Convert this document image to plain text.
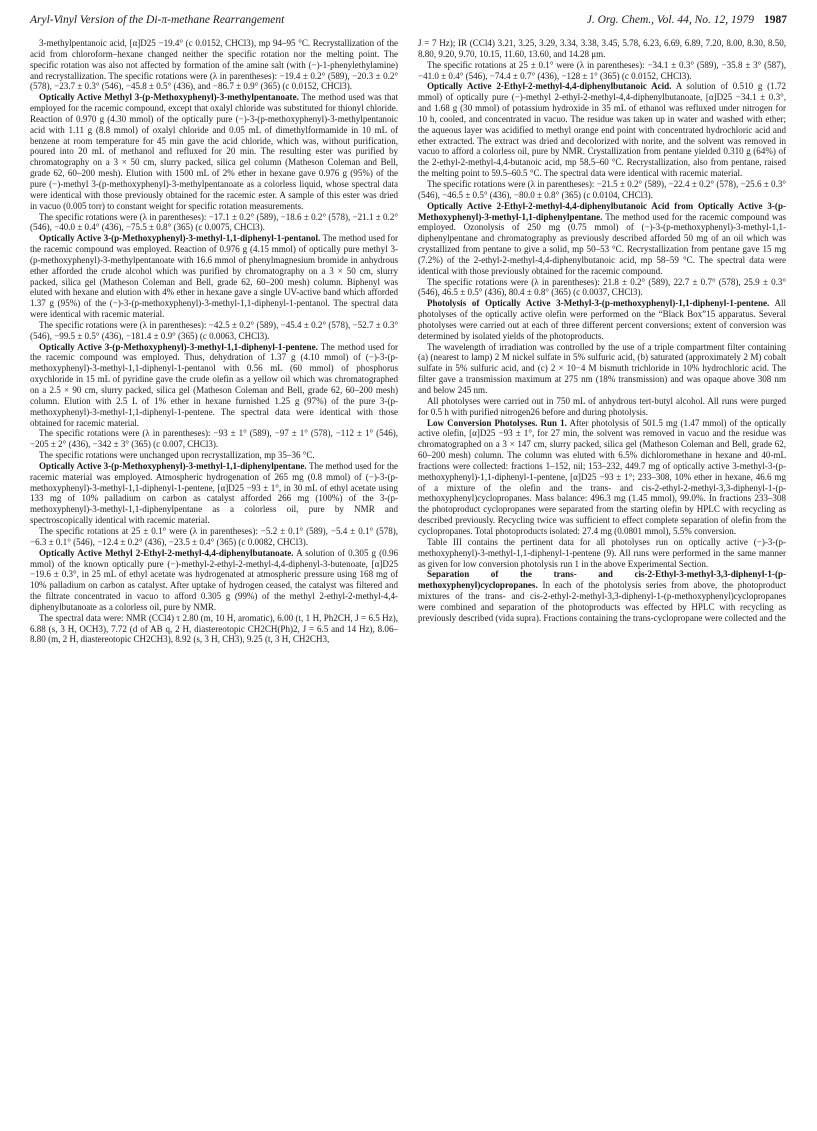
Aryl-Vinyl Version of the Di-π-methane Rearrangement	J. Org. Chem., Vol. 44, No. 12, 1979 1987

3-methylpentanoic acid, [α]D25 −19.4° (c 0.0152, CHCl3), mp 94–95 °C. Recrystallization of the acid from chloroform–hexane changed neither the specific rotation nor the melting point. The specific rotation was also not affected by formation of the amine salt (with (−)-1-phenylethylamine) and recrystallization. The specific rotations were (λ in parentheses): −19.4 ± 0.2° (589), −20.3 ± 0.2° (578), −23.7 ± 0.3° (546), −45.8 ± 0.5° (436), and −86.7 ± 0.9° (365) (c 0.0152, CHCl3).

Optically Active Methyl 3-(p-Methoxyphenyl)-3-methylpentanoate. The method used was that employed for the racemic compound, except that oxalyl chloride was substituted for thionyl chloride. Reaction of 0.970 g (4.30 mmol) of the optically pure (−)-3-(p-methoxyphenyl)-3-methylpentanoic acid with 1.11 g (8.8 mmol) of oxalyl chloride and 0.05 mL of dimethylformamide in 10 mL of benzene at room temperature for 45 min gave the acid chloride, which was, without purification, poured into 20 mL of methanol and refluxed for 20 min. The resulting ester was purified by chromatography on a 3 × 50 cm, slurry packed, silica gel column (Matheson Coleman and Bell, grade 62, 60–200 mesh). Elution with 1500 mL of 2% ether in hexane gave 0.976 g (95%) of the pure (−)-methyl 3-(p-methoxyphenyl)-3-methylpentanoate as a colorless liquid, whose spectral data were identical with those previously obtained for the racemic ester. A sample of this ester was dried in vacuo (0.005 torr) to constant weight for specific rotation measurements.

The specific rotations were (λ in parentheses): −17.1 ± 0.2° (589), −18.6 ± 0.2° (578), −21.1 ± 0.2° (546), −40.0 ± 0.4° (436), −75.5 ± 0.8° (365) (c 0.0075, CHCl3).

Optically Active 3-(p-Methoxyphenyl)-3-methyl-1,1-diphenyl-1-pentanol. The method used for the racemic compound was employed. Reaction of 0.976 g (4.15 mmol) of optically pure methyl 3-(p-methoxyphenyl)-3-methylpentanoate with 16.6 mmol of phenylmagnesium bromide in anhydrous ether afforded the crude alcohol which was purified by chromatography on a 3 × 50 cm, slurry packed, silica gel (Matheson Coleman and Bell, grade 62, 60–200 mesh) column. Biphenyl was eluted with hexane and elution with 4% ether in hexane gave a single UV-active band which afforded 1.37 g (95%) of the (−)-3-(p-methoxyphenyl)-3-methyl-1,1-diphenyl-1-pentanol. The spectral data were identical with racemic material.

The specific rotations were (λ in parentheses): −42.5 ± 0.2° (589), −45.4 ± 0.2° (578), −52.7 ± 0.3° (546), −99.5 ± 0.5° (436), −181.4 ± 0.9° (365) (c 0.0063, CHCl3).

Optically Active 3-(p-Methoxyphenyl)-3-methyl-1,1-diphenyl-1-pentene. The method used for the racemic compound was employed. Thus, dehydration of 1.37 g (4.10 mmol) of (−)-3-(p-methoxyphenyl)-3-methyl-1,1-diphenyl-1-pentanol with 0.56 mL (60 mmol) of phosphorus oxychloride in 15 mL of pyridine gave the crude olefin as a yellow oil which was chromatographed on a 2.5 × 90 cm, slurry packed, silica gel (Matheson Coleman and Bell, grade 62, 60–200 mesh) column. Elution with 2.5 L of 1% ether in hexane furnished 1.25 g (97%) of the pure 3-(p-methoxyphenyl)-3-methyl-1,1-diphenyl-1-pentene. The spectral data were identical with those obtained for racemic material.

The specific rotations were (λ in parentheses): −93 ± 1° (589), −97 ± 1° (578), −112 ± 1° (546), −205 ± 2° (436), −342 ± 3° (365) (c 0.007, CHCl3).

The specific rotations were unchanged upon recrystallization, mp 35–36 °C.

Optically Active 3-(p-Methoxyphenyl)-3-methyl-1,1-diphenylpentane. The method used for the racemic material was employed. Atmospheric hydrogenation of 265 mg (0.8 mmol) of (−)-3-(p-methoxyphenyl)-3-methyl-1,1-diphenyl-1-pentene, [α]D25 −93 ± 1°, in 30 mL of ethyl acetate using 133 mg of 10% palladium on carbon as catalyst afforded 266 mg (100%) of the 3-(p-methoxyphenyl)-3-methyl-1,1-diphenylpentane as a colorless oil, pure by NMR and spectroscopically identical with racemic material.

The specific rotations at 25 ± 0.1° were (λ in parentheses): −5.2 ± 0.1° (589), −5.4 ± 0.1° (578), −6.3 ± 0.1° (546), −12.4 ± 0.2° (436), −23.5 ± 0.4° (365) (c 0.0082, CHCl3).

Optically Active Methyl 2-Ethyl-2-methyl-4,4-diphenylbutanoate. A solution of 0.305 g (0.96 mmol) of the known optically pure (−)-methyl-2-ethyl-2-methyl-4,4-diphenyl-3-butenoate, [α]D25 −19.6 ± 0.3°, in 25 mL of ethyl acetate was hydrogenated at atmospheric pressure using 168 mg of 10% palladium on carbon as catalyst. After uptake of hydrogen ceased, the catalyst was filtered and the filtrate concentrated in vacuo to afford 0.305 g (99%) of the methyl 2-ethyl-2-methyl-4,4-diphenylbutanoate as a colorless oil, pure by NMR.

The spectral data were: NMR (CCl4) τ 2.80 (m, 10 H, aromatic), 6.00 (t, 1 H, Ph2CH, J = 6.5 Hz), 6.88 (s, 3 H, OCH3), 7.72 (d of AB q, 2 H, diastereotopic CH2CH(Ph)2, J = 6.5 and 14 Hz), 8.06–8.80 (m, 2 H, diastereotopic CH2CH3), 8.92 (s, 3 H, CH3), 9.25 (t, 3 H, CH2CH3,

J = 7 Hz); IR (CCl4) 3.21, 3.25, 3.29, 3.34, 3.38, 3.45, 5.78, 6.23, 6.69, 6.89, 7.20, 8.00, 8.30, 8.50, 8.80, 9.20, 9.70, 10.15, 11.60, 13.60, and 14.28 μm.

The specific rotations at 25 ± 0.1° were (λ in parentheses): −34.1 ± 0.3° (589), −35.8 ± 3° (587), −41.0 ± 0.4° (546), −74.4 ± 0.7° (436), −128 ± 1° (365) (c 0.0152, CHCl3).

Optically Active 2-Ethyl-2-methyl-4,4-diphenylbutanoic Acid. A solution of 0.510 g (1.72 mmol) of optically pure (−)-methyl 2-ethyl-2-methyl-4,4-diphenylbutanoate, [α]D25 −34.1 ± 0.3°, and 1.68 g (30 mmol) of potassium hydroxide in 35 mL of ethanol was refluxed under nitrogen for 10 h, cooled, and concentrated in vacuo. The residue was taken up in water and washed with ether; the aqueous layer was acidified to methyl orange end point with concentrated hydrochloric acid and ether extracted. The extract was dried and decolorized with norite, and the solvent was removed in vacuo to afford a colorless oil, pure by NMR. Crystallization from pentane yielded 0.310 g (64%) of the 2-ethyl-2-methyl-4,4-butanoic acid, mp 58.5–60 °C. Recrystallization, also from pentane, raised the melting point to 59.5–60.5 °C. The spectral data were identical with racemic material.

The specific rotations were (λ in parentheses): −21.5 ± 0.2° (589), −22.4 ± 0.2° (578), −25.6 ± 0.3° (546), −46.5 ± 0.5° (436), −80.0 ± 0.8° (365) (c 0.0104, CHCl3).

Optically Active 2-Ethyl-2-methyl-4,4-diphenylbutanoic Acid from Optically Active 3-(p-Methoxyphenyl)-3-methyl-1,1-diphenylpentane. The method used for the racemic compound was employed. Ozonolysis of 250 mg (0.75 mmol) of (−)-3-(p-methoxyphenyl)-3-methyl-1,1-diphenylpentane and chromatography as previously described afforded 50 mg of an oil which was crystallized from pentane to give a solid, mp 50–53 °C. Recrystallization from pentane gave 15 mg (7.2%) of the 2-ethyl-2-methyl-4,4-diphenylbutanoic acid, mp 58–59 °C. The spectral data were identical with those previously obtained for the racemic compound.

The specific rotations were (λ in parentheses): 21.8 ± 0.2° (589), 22.7 ± 0.7° (578), 25.9 ± 0.3° (546), 46.5 ± 0.5° (436), 80.4 ± 0.8° (365) (c 0.0037, CHCl3).

Photolysis of Optically Active 3-Methyl-3-(p-methoxyphenyl)-1,1-diphenyl-1-pentene. All photolyses of the optically active olefin were performed on the “Black Box”15 apparatus. Several photolyses were carried out at each of three different percent conversions; extent of conversion was determined by isolated yields of the photoproducts.

The wavelength of irradiation was controlled by the use of a triple compartment filter containing (a) (nearest to lamp) 2 M nickel sulfate in 5% sulfuric acid, (b) saturated (approximately 2 M) cobalt sulfate in 5% sulfuric acid, and (c) 2 × 10−4 M bismuth trichloride in 10% hydrochloric acid. The filter gave a transmission maximum at 275 nm (18% transmission) and was opaque above 308 nm and below 245 nm.

All photolyses were carried out in 750 mL of anhydrous tert-butyl alcohol. All runs were purged for 0.5 h with purified nitrogen26 before and during photolysis.

Low Conversion Photolyses. Run 1. After photolysis of 501.5 mg (1.47 mmol) of the optically active olefin, [α]D25 −93 ± 1°, for 27 min, the solvent was removed in vacuo and the residue was chromatographed on a 3 × 147 cm, slurry packed, silica gel (Matheson Coleman and Bell, grade 62, 60–200 mesh) column. The column was eluted with 6.5% dichloromethane in hexane and 40-mL fractions were collected: fractions 1–152, nil; 153–232, 449.7 mg of optically active 3-methyl-3-(p-methoxyphenyl)-1,1-diphenyl-1-pentene, [α]D25 −93 ± 1°; 233–308, 10% ether in hexane, 46.6 mg of a mixture of the olefin and the trans- and cis-2-ethyl-2-methyl-3,3-diphenyl-1-(p-methoxyphenyl)cyclopropanes. Mass balance: 496.3 mg (1.45 mmol), 99.0%. In fractions 233–308 the photoproduct cyclopropanes were separated from the starting olefin by HPLC with recycling as described previously. Recycling twice was sufficient to effect complete separation of olefin from the cyclopropanes. Total photoproducts isolated: 27.4 mg (0.0801 mmol), 5.5% conversion.

Table III contains the pertinent data for all photolyses run on optically active (−)-3-(p-methoxyphenyl)-3-methyl-1,1-diphenyl-1-pentene (9). All runs were performed in the same manner as given for low conversion photolysis run 1 in the above Experimental Section.

Separation of the trans- and cis-2-Ethyl-3-methyl-3,3-diphenyl-1-(p-methoxyphenyl)cyclopropanes. In each of the photolysis series from above, the photoproduct mixtures of the trans- and cis-2-ethyl-2-methyl-3,3-diphenyl-1-(p-methoxyphenyl)cyclopropanes were combined and separation of the photoproducts was effected by HPLC with recycling as previously described (vida supra). Fractions containing the trans-cyclopropane were collected and the
